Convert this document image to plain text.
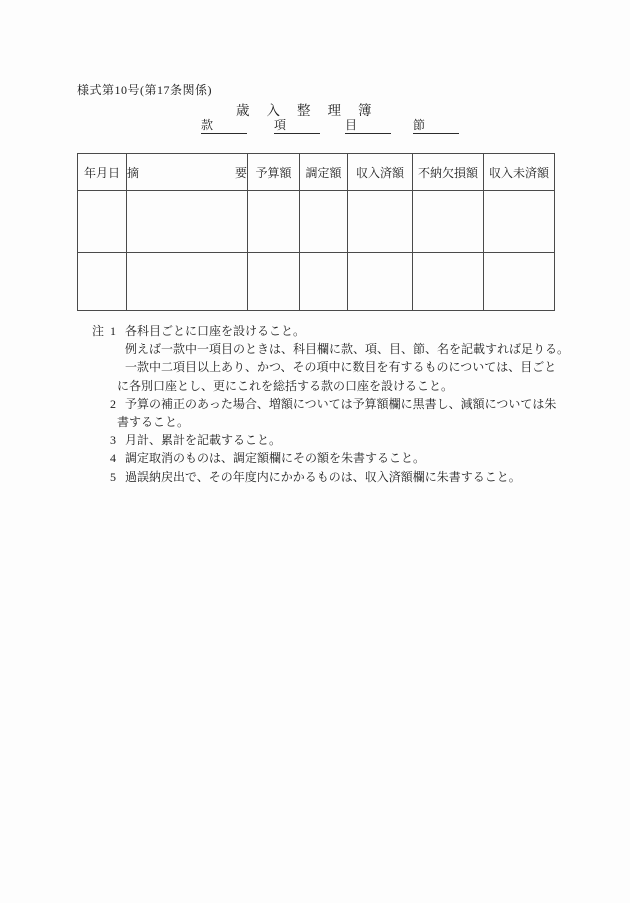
様式第10号(第17条関係)
歳入整理簿
款	項	目	節
年月日	摘要	予算額	調定額	収入済額	不納欠損額	収入未済額

注 1 各科目ごとに口座を設けること。
例えば一款中一項目のときは、科目欄に款、項、目、節、名を記載すれば足りる。
一款中二項目以上あり、かつ、その項中に数目を有するものについては、目ごと
に各別口座とし、更にこれを総括する款の口座を設けること。
2 予算の補正のあった場合、増額については予算額欄に黒書し、減額については朱
書すること。
3 月計、累計を記載すること。
4 調定取消のものは、調定額欄にその額を朱書すること。
5 過誤納戻出で、その年度内にかかるものは、収入済額欄に朱書すること。
